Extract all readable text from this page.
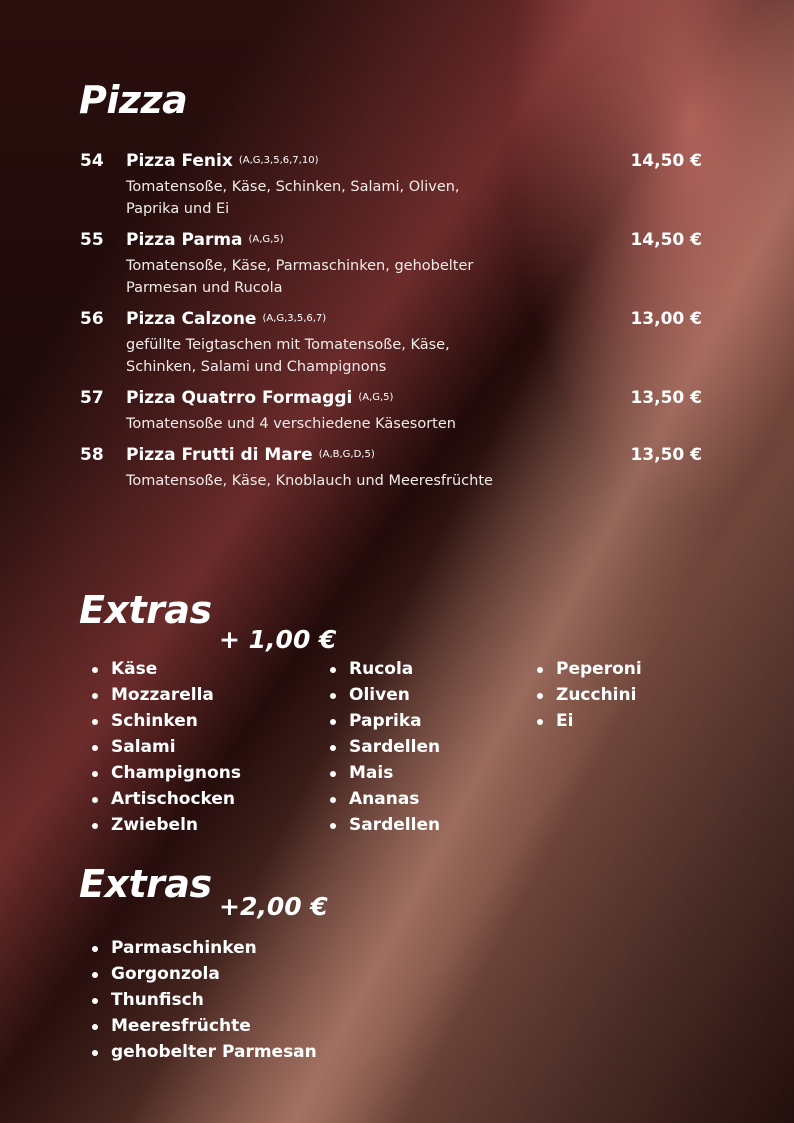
Pizza
54 Pizza Fenix (A,G,3,5,6,7,10)
Tomatensoße, Käse, Schinken, Salami, Oliven, Paprika und Ei
14,50 €
55 Pizza Parma (A,G,5)
Tomatensoße, Käse, Parmaschinken, gehobelter Parmesan und Rucola
14,50 €
56 Pizza Calzone (A,G,3,5,6,7)
gefüllte Teigtaschen mit Tomatensoße, Käse, Schinken, Salami und Champignons
13,00 €
57 Pizza Quatrro Formaggi (A,G,5)
Tomatensoße und 4 verschiedene Käsesorten
13,50 €
58 Pizza Frutti di Mare (A,B,G,D,5)
Tomatensoße, Käse, Knoblauch und Meeresfrüchte
13,50 €
Extras
+ 1,00 €
Käse
Mozzarella
Schinken
Salami
Champignons
Artischocken
Zwiebeln
Rucola
Oliven
Paprika
Sardellen
Mais
Ananas
Sardellen
Peperoni
Zucchini
Ei
Extras
+2,00 €
Parmaschinken
Gorgonzola
Thunfisch
Meeresfrüchte
gehobelter Parmesan
